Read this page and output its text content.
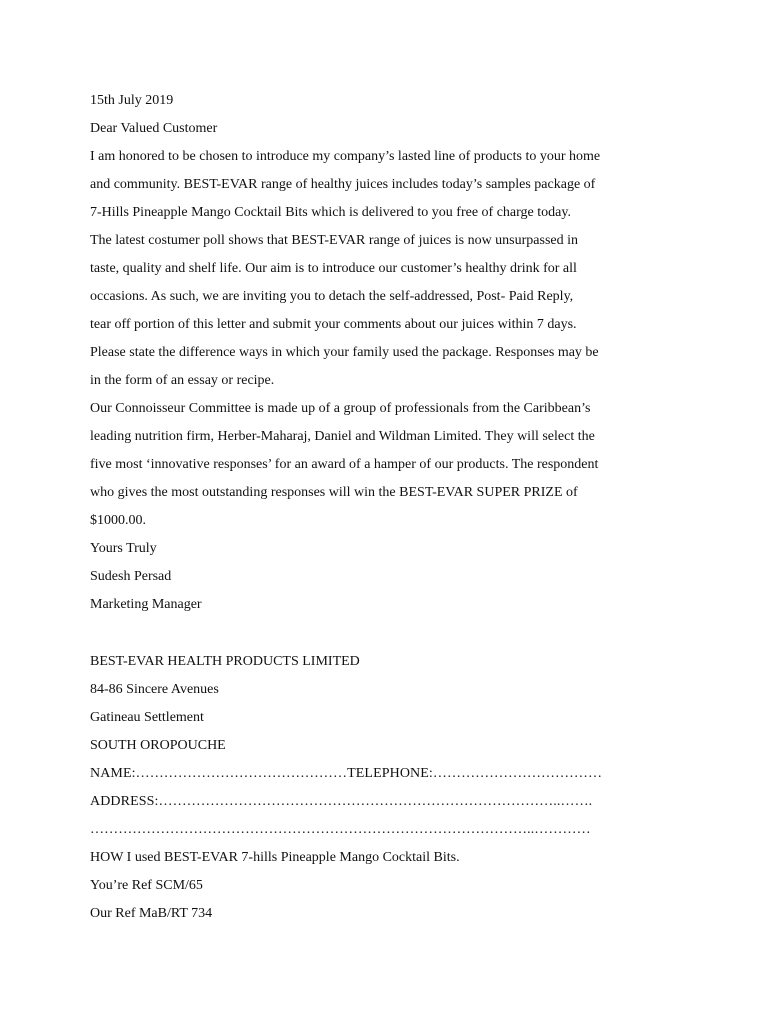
15th July 2019
Dear Valued Customer
I am honored to be chosen to introduce my company’s lasted line of products to your home
and community. BEST-EVAR range of healthy juices includes today’s samples package of
7-Hills Pineapple Mango Cocktail Bits which is delivered to you free of charge today.
The latest costumer poll shows that BEST-EVAR range of juices is now unsurpassed in
taste, quality and shelf life. Our aim is to introduce our customer’s healthy drink for all
occasions. As such, we are inviting you to detach the self-addressed, Post- Paid Reply,
tear off portion of this letter and submit your comments about our juices within 7 days.
Please state the difference ways in which your family used the package. Responses may be
in the form of an essay or recipe.
Our Connoisseur Committee is made up of a group of professionals from the Caribbean’s
leading nutrition firm, Herber-Maharaj, Daniel and Wildman Limited. They will select the
five most ‘innovative responses’ for an award of a hamper of our products. The respondent
who gives the most outstanding responses will win the BEST-EVAR SUPER PRIZE of
$1000.00.
Yours Truly
Sudesh Persad
Marketing Manager
BEST-EVAR HEALTH PRODUCTS LIMITED
84-86 Sincere Avenues
Gatineau Settlement
SOUTH OROPOUCHE
NAME:………………………………………TELEPHONE:………………………………
ADDRESS:…………………………………………………………………………..…….
…………………………………………………………………………………..…………
HOW I used BEST-EVAR 7-hills Pineapple Mango Cocktail Bits.
You’re Ref SCM/65
Our Ref MaB/RT 734
